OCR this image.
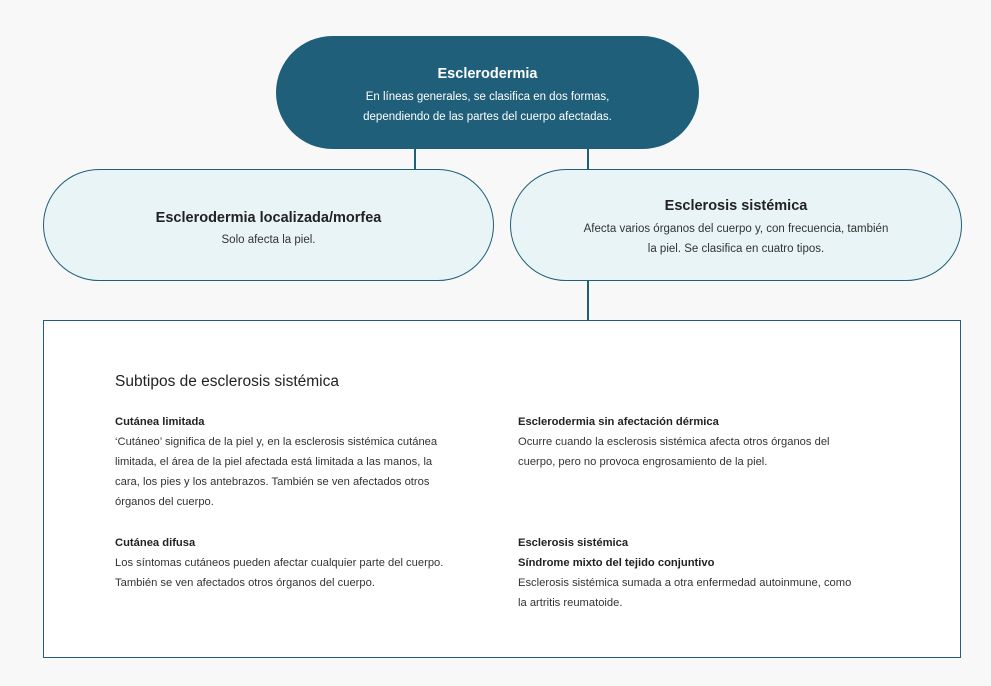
Esclerodermia
En líneas generales, se clasifica en dos formas,
dependiendo de las partes del cuerpo afectadas.
Esclerodermia localizada/morfea
Solo afecta la piel.
Esclerosis sistémica
Afecta varios órganos del cuerpo y, con frecuencia, también
la piel. Se clasifica en cuatro tipos.
Subtipos de esclerosis sistémica
Cutánea limitada
‘Cutáneo’ significa de la piel y, en la esclerosis sistémica cutánea
limitada, el área de la piel afectada está limitada a las manos, la
cara, los pies y los antebrazos. También se ven afectados otros
órganos del cuerpo.
Esclerodermia sin afectación dérmica
Ocurre cuando la esclerosis sistémica afecta otros órganos del
cuerpo, pero no provoca engrosamiento de la piel.
Cutánea difusa
Los síntomas cutáneos pueden afectar cualquier parte del cuerpo.
También se ven afectados otros órganos del cuerpo.
Esclerosis sistémica
Síndrome mixto del tejido conjuntivo
Esclerosis sistémica sumada a otra enfermedad autoinmune, como
la artritis reumatoide.
